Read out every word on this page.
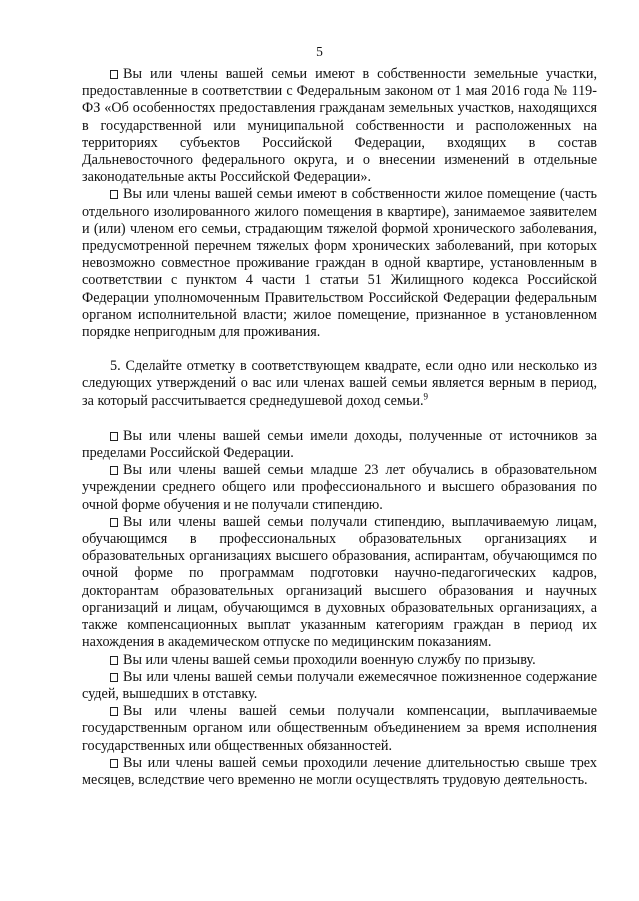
5

Вы или члены вашей семьи имеют в собственности земельные участки, предоставленные в соответствии с Федеральным законом от 1 мая 2016 года № 119-ФЗ «Об особенностях предоставления гражданам земельных участков, находящихся в государственной или муниципальной собственности и расположенных на территориях субъектов Российской Федерации, входящих в состав Дальневосточного федерального округа, и о внесении изменений в отдельные законодательные акты Российской Федерации».

Вы или члены вашей семьи имеют в собственности жилое помещение (часть отдельного изолированного жилого помещения в квартире), занимаемое заявителем и (или) членом его семьи, страдающим тяжелой формой хронического заболевания, предусмотренной перечнем тяжелых форм хронических заболеваний, при которых невозможно совместное проживание граждан в одной квартире, установленным в соответствии с пунктом 4 части 1 статьи 51 Жилищного кодекса Российской Федерации уполномоченным Правительством Российской Федерации федеральным органом исполнительной власти; жилое помещение, признанное в установленном порядке непригодным для проживания.

5. Сделайте отметку в соответствующем квадрате, если одно или несколько из следующих утверждений о вас или членах вашей семьи является верным в период, за который рассчитывается среднедушевой доход семьи.$^9$

Вы или члены вашей семьи имели доходы, полученные от источников за пределами Российской Федерации.

Вы или члены вашей семьи младше 23 лет обучались в образовательном учреждении среднего общего или профессионального и высшего образования по очной форме обучения и не получали стипендию.

Вы или члены вашей семьи получали стипендию, выплачиваемую лицам, обучающимся в профессиональных образовательных организациях и образовательных организациях высшего образования, аспирантам, обучающимся по очной форме по программам подготовки научно-педагогических кадров, докторантам образовательных организаций высшего образования и научных организаций и лицам, обучающимся в духовных образовательных организациях, а также компенсационных выплат указанным категориям граждан в период их нахождения в академическом отпуске по медицинским показаниям.

Вы или члены вашей семьи проходили военную службу по призыву.

Вы или члены вашей семьи получали ежемесячное пожизненное содержание судей, вышедших в отставку.

Вы или члены вашей семьи получали компенсации, выплачиваемые государственным органом или общественным объединением за время исполнения государственных или общественных обязанностей.

Вы или члены вашей семьи проходили лечение длительностью свыше трех месяцев, вследствие чего временно не могли осуществлять трудовую деятельность.
